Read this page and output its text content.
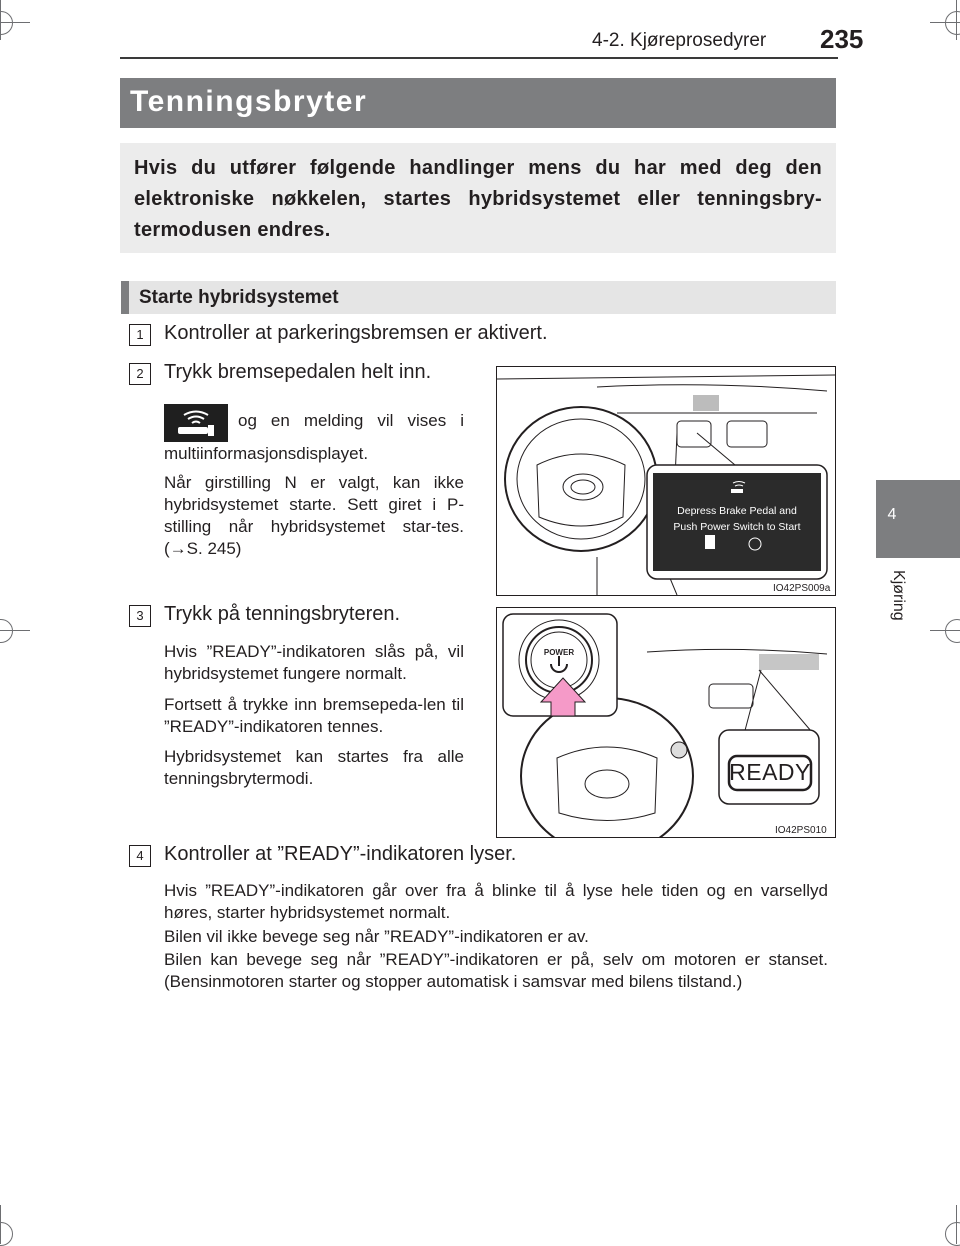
4-2. Kjøreprosedyrer 235
Tenningsbryter
Hvis du utfører følgende handlinger mens du har med deg den elektroniske nøkkelen, startes hybridsystemet eller tenningsbry-termodusen endres.
Starte hybridsystemet
4
Kjøring
1	Kontroller at parkeringsbremsen er aktivert.
2	Trykk bremsepedalen helt inn.
og en melding vil vises i
multiinformasjonsdisplayet.
Når girstilling N er valgt, kan ikke hybridsystemet starte. Sett giret i P-stilling når hybridsystemet star-tes. (→S. 245)
Depress Brake Pedal and
Push Power Switch to Start
IO42PS009a
3	Trykk på tenningsbryteren.
Hvis ”READY”-indikatoren slås på, vil hybridsystemet fungere normalt.
Fortsett å trykke inn bremsepeda-len til ”READY”-indikatoren tennes.
Hybridsystemet kan startes fra alle tenningsbrytermodi.
POWER
READY
IO42PS010
4	Kontroller at ”READY”-indikatoren lyser.
Hvis ”READY”-indikatoren går over fra å blinke til å lyse hele tiden og en varsellyd høres, starter hybridsystemet normalt.
Bilen vil ikke bevege seg når ”READY”-indikatoren er av.
Bilen kan bevege seg når ”READY”-indikatoren er på, selv om motoren er stanset. (Bensinmotoren starter og stopper automatisk i samsvar med bilens tilstand.)
